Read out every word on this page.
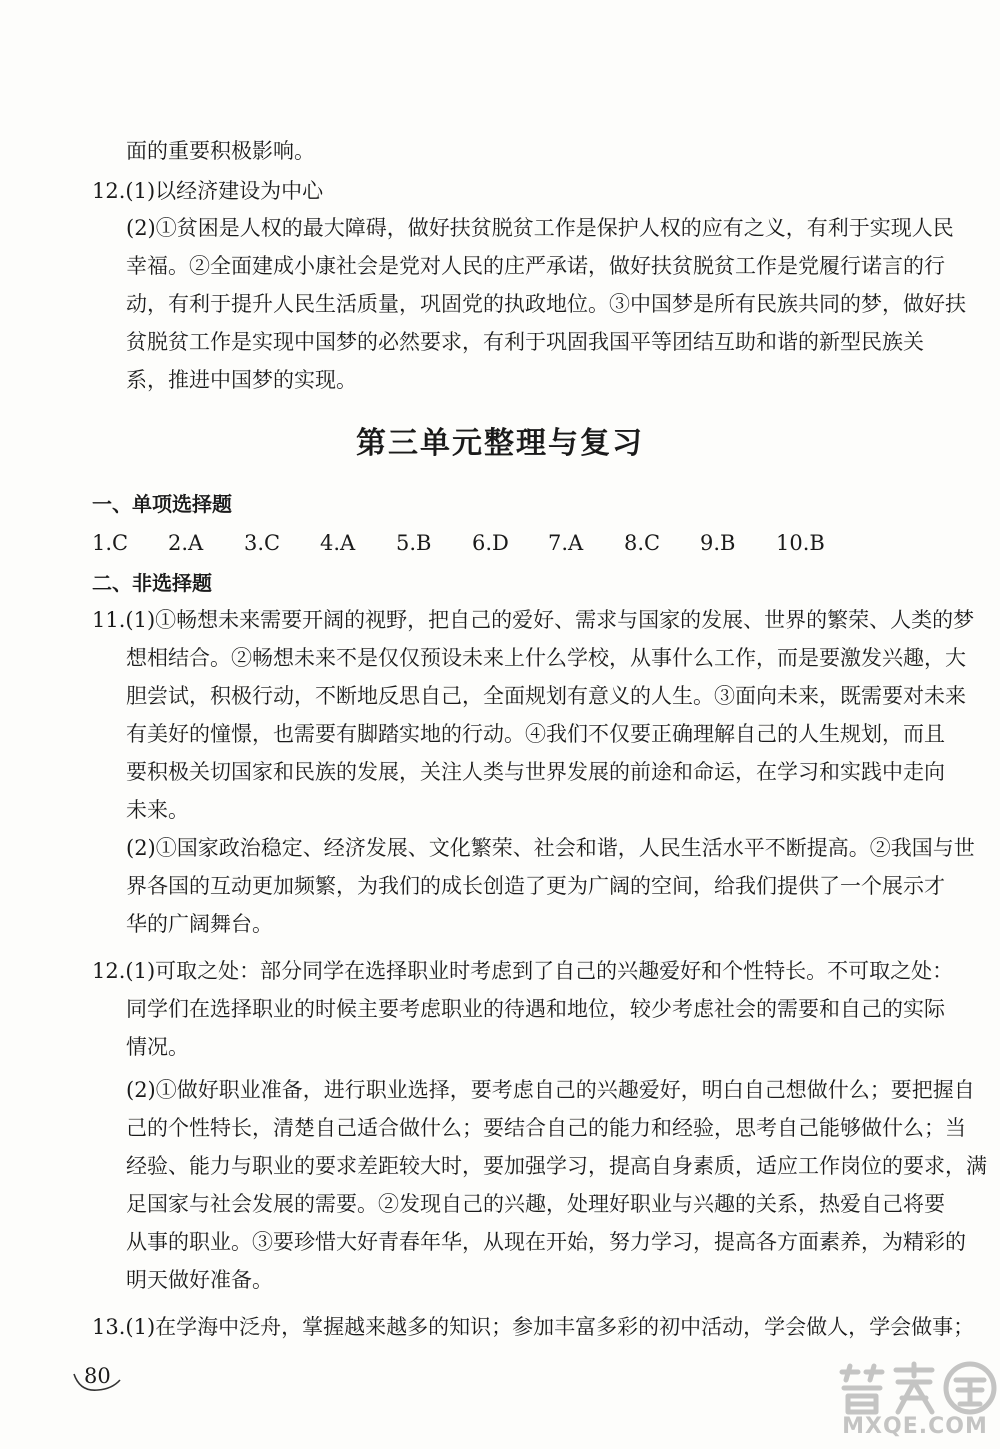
面的重要积极影响。

12.(1)以经济建设为中心

(2)①贫困是人权的最大障碍，做好扶贫脱贫工作是保护人权的应有之义，有利于实现人民

幸福。②全面建成小康社会是党对人民的庄严承诺，做好扶贫脱贫工作是党履行诺言的行

动，有利于提升人民生活质量，巩固党的执政地位。③中国梦是所有民族共同的梦，做好扶

贫脱贫工作是实现中国梦的必然要求，有利于巩固我国平等团结互助和谐的新型民族关

系，推进中国梦的实现。

第三单元整理与复习

一、单项选择题

1.C 2.A 3.C 4.A 5.B 6.D 7.A 8.C 9.B 10.B

二、非选择题

11.(1)①畅想未来需要开阔的视野，把自己的爱好、需求与国家的发展、世界的繁荣、人类的梦

想相结合。②畅想未来不是仅仅预设未来上什么学校，从事什么工作，而是要激发兴趣，大

胆尝试，积极行动，不断地反思自己，全面规划有意义的人生。③面向未来，既需要对未来

有美好的憧憬，也需要有脚踏实地的行动。④我们不仅要正确理解自己的人生规划，而且

要积极关切国家和民族的发展，关注人类与世界发展的前途和命运，在学习和实践中走向

未来。

(2)①国家政治稳定、经济发展、文化繁荣、社会和谐，人民生活水平不断提高。②我国与世

界各国的互动更加频繁，为我们的成长创造了更为广阔的空间，给我们提供了一个展示才

华的广阔舞台。

12.(1)可取之处：部分同学在选择职业时考虑到了自己的兴趣爱好和个性特长。不可取之处：

同学们在选择职业的时候主要考虑职业的待遇和地位，较少考虑社会的需要和自己的实际

情况。

(2)①做好职业准备，进行职业选择，要考虑自己的兴趣爱好，明白自己想做什么；要把握自

己的个性特长，清楚自己适合做什么；要结合自己的能力和经验，思考自己能够做什么；当

经验、能力与职业的要求差距较大时，要加强学习，提高自身素质，适应工作岗位的要求，满

足国家与社会发展的需要。②发现自己的兴趣，处理好职业与兴趣的关系，热爱自己将要

从事的职业。③要珍惜大好青春年华，从现在开始，努力学习，提高各方面素养，为精彩的

明天做好准备。

13.(1)在学海中泛舟，掌握越来越多的知识；参加丰富多彩的初中活动，学会做人，学会做事；

80
MXQE.COM
